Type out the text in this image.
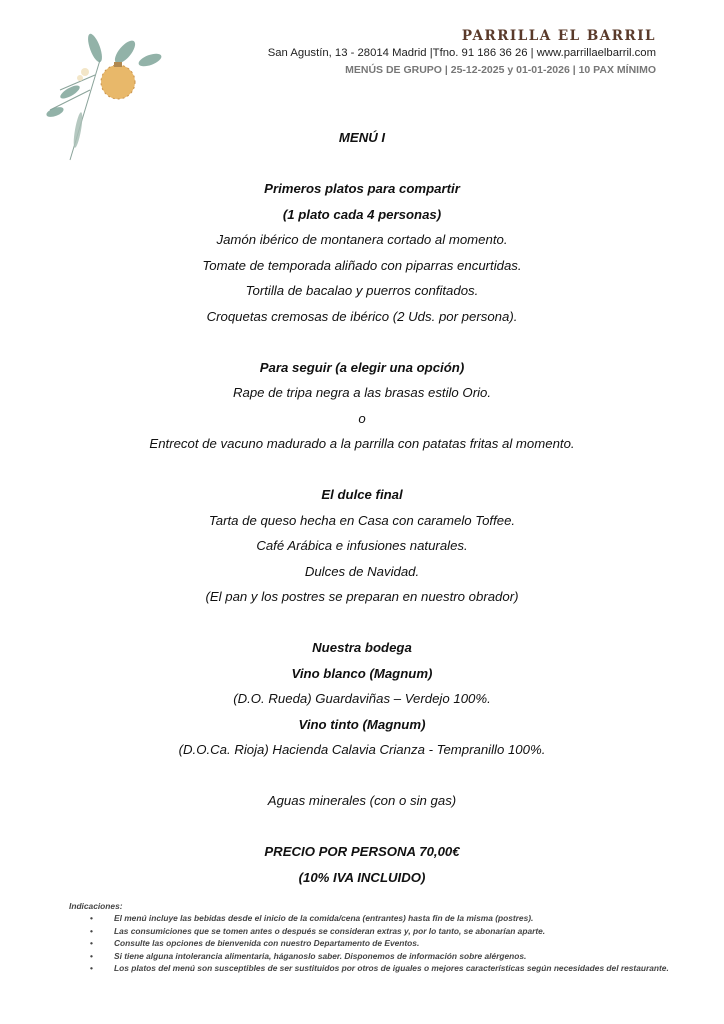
PARRILLA EL BARRIL
San Agustín, 13 - 28014 Madrid |Tfno. 91 186 36 26 | www.parrillaelbarril.com
MENÚS DE GRUPO | 25-12-2025 y 01-01-2026 | 10 PAX MÍNIMO
MENÚ I
Primeros platos para compartir
(1 plato cada 4 personas)
Jamón ibérico de montanera cortado al momento.
Tomate de temporada aliñado con piparras encurtidas.
Tortilla de bacalao y puerros confitados.
Croquetas cremosas de ibérico (2 Uds. por persona).
Para seguir (a elegir una opción)
Rape de tripa negra a las brasas estilo Orio.
o
Entrecot de vacuno madurado a la parrilla con patatas fritas al momento.
El dulce final
Tarta de queso hecha en Casa con caramelo Toffee.
Café Arábica e infusiones naturales.
Dulces de Navidad.
(El pan y los postres se preparan en nuestro obrador)
Nuestra bodega
Vino blanco (Magnum)
(D.O. Rueda) Guardaviñas – Verdejo 100%.
Vino tinto (Magnum)
(D.O.Ca. Rioja) Hacienda Calavia Crianza - Tempranillo 100%.
Aguas minerales (con o sin gas)
PRECIO POR PERSONA 70,00€
(10% IVA INCLUIDO)
Indicaciones:
• El menú incluye las bebidas desde el inicio de la comida/cena (entrantes) hasta fin de la misma (postres).
• Las consumiciones que se tomen antes o después se consideran extras y, por lo tanto, se abonarían aparte.
• Consulte las opciones de bienvenida con nuestro Departamento de Eventos.
• Si tiene alguna intolerancia alimentaria, háganoslo saber. Disponemos de información sobre alérgenos.
• Los platos del menú son susceptibles de ser sustituidos por otros de iguales o mejores características según necesidades del restaurante.
